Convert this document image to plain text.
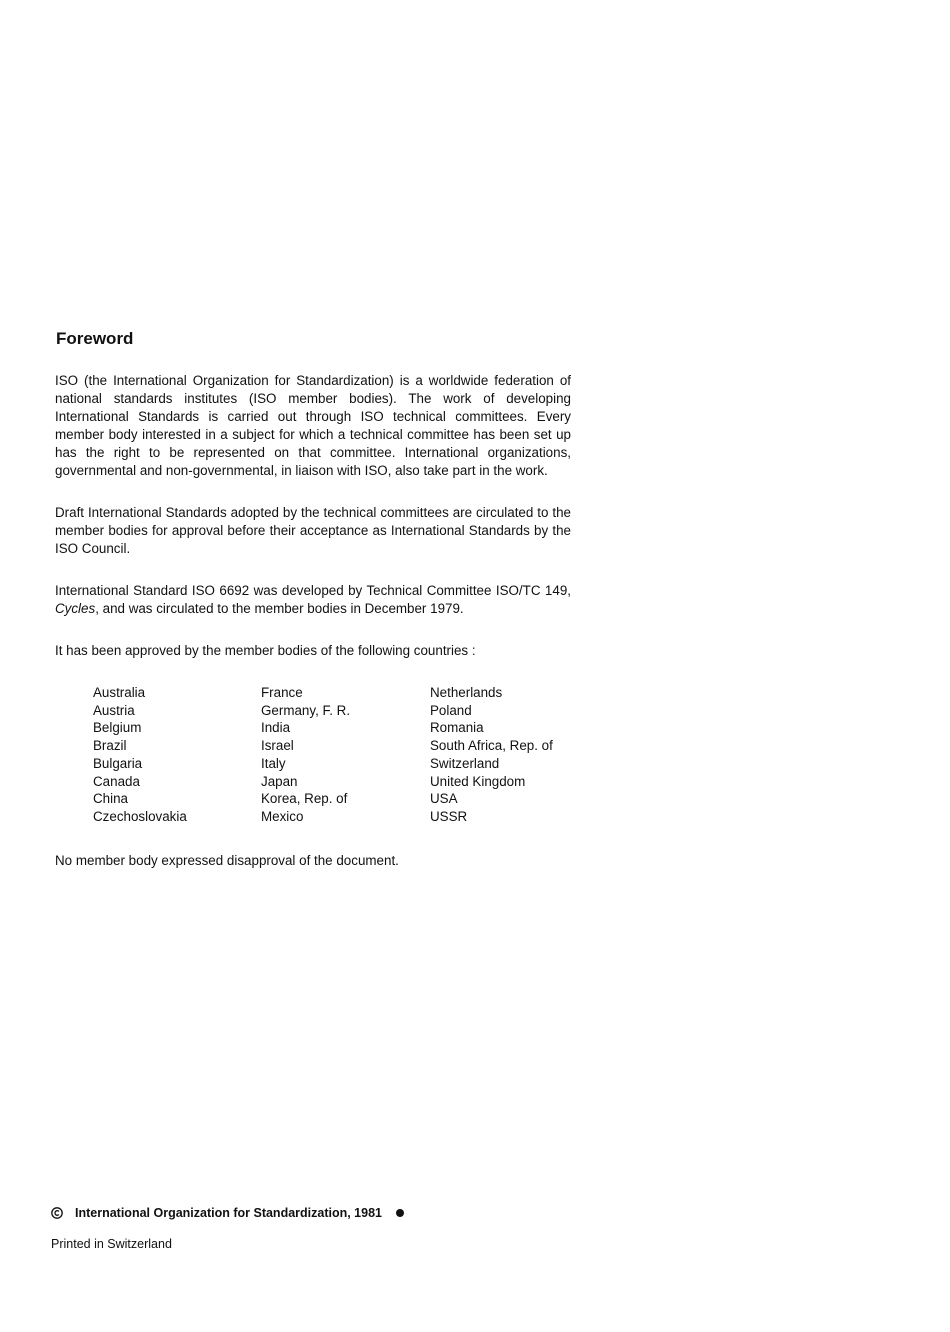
Foreword

ISO (the International Organization for Standardization) is a worldwide federation of national standards institutes (ISO member bodies). The work of developing International Standards is carried out through ISO technical committees. Every member body interested in a subject for which a technical committee has been set up has the right to be represented on that committee. International organizations, governmental and non-governmental, in liaison with ISO, also take part in the work.

Draft International Standards adopted by the technical committees are circulated to the member bodies for approval before their acceptance as International Standards by the ISO Council.

International Standard ISO 6692 was developed by Technical Committee ISO/TC 149, Cycles, and was circulated to the member bodies in December 1979.

It has been approved by the member bodies of the following countries :

Australia
Austria
Belgium
Brazil
Bulgaria
Canada
China
Czechoslovakia
France
Germany, F. R.
India
Israel
Italy
Japan
Korea, Rep. of
Mexico
Netherlands
Poland
Romania
South Africa, Rep. of
Switzerland
United Kingdom
USA
USSR

No member body expressed disapproval of the document.

International Organization for Standardization, 1981
Printed in Switzerland
